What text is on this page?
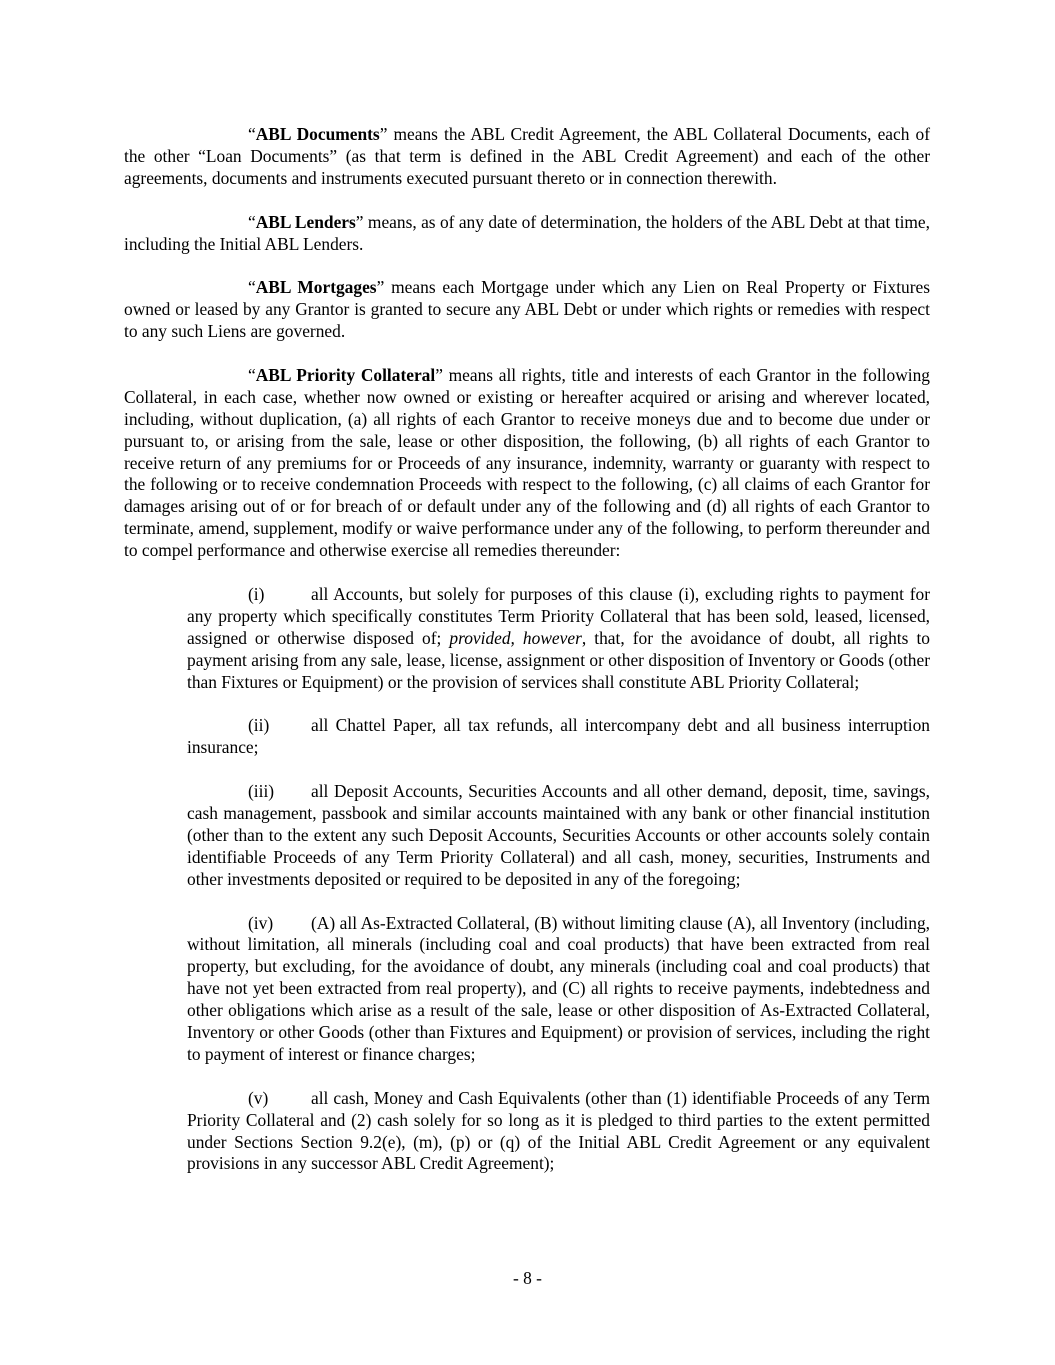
“ABL Documents” means the ABL Credit Agreement, the ABL Collateral Documents, each of the other “Loan Documents” (as that term is defined in the ABL Credit Agreement) and each of the other agreements, documents and instruments executed pursuant thereto or in connection therewith.

“ABL Lenders” means, as of any date of determination, the holders of the ABL Debt at that time, including the Initial ABL Lenders.

“ABL Mortgages” means each Mortgage under which any Lien on Real Property or Fixtures owned or leased by any Grantor is granted to secure any ABL Debt or under which rights or remedies with respect to any such Liens are governed.

“ABL Priority Collateral” means all rights, title and interests of each Grantor in the following Collateral, in each case, whether now owned or existing or hereafter acquired or arising and wherever located, including, without duplication, (a) all rights of each Grantor to receive moneys due and to become due under or pursuant to, or arising from the sale, lease or other disposition, the following, (b) all rights of each Grantor to receive return of any premiums for or Proceeds of any insurance, indemnity, warranty or guaranty with respect to the following or to receive condemnation Proceeds with respect to the following, (c) all claims of each Grantor for damages arising out of or for breach of or default under any of the following and (d) all rights of each Grantor to terminate, amend, supplement, modify or waive performance under any of the following, to perform thereunder and to compel performance and otherwise exercise all remedies thereunder:

(i)	all Accounts, but solely for purposes of this clause (i), excluding rights to payment for any property which specifically constitutes Term Priority Collateral that has been sold, leased, licensed, assigned or otherwise disposed of; provided, however, that, for the avoidance of doubt, all rights to payment arising from any sale, lease, license, assignment or other disposition of Inventory or Goods (other than Fixtures or Equipment) or the provision of services shall constitute ABL Priority Collateral;

(ii) all Chattel Paper, all tax refunds, all intercompany debt and all business interruption insurance;

(iii) all Deposit Accounts, Securities Accounts and all other demand, deposit, time, savings, cash management, passbook and similar accounts maintained with any bank or other financial institution (other than to the extent any such Deposit Accounts, Securities Accounts or other accounts solely contain identifiable Proceeds of any Term Priority Collateral) and all cash, money, securities, Instruments and other investments deposited or required to be deposited in any of the foregoing;

(iv) (A) all As-Extracted Collateral, (B) without limiting clause (A), all Inventory (including, without limitation, all minerals (including coal and coal products) that have been extracted from real property, but excluding, for the avoidance of doubt, any minerals (including coal and coal products) that have not yet been extracted from real property), and (C) all rights to receive payments, indebtedness and other obligations which arise as a result of the sale, lease or other disposition of As-Extracted Collateral, Inventory or other Goods (other than Fixtures and Equipment) or provision of services, including the right to payment of interest or finance charges;

(v) all cash, Money and Cash Equivalents (other than (1) identifiable Proceeds of any Term Priority Collateral and (2) cash solely for so long as it is pledged to third parties to the extent permitted under Sections Section 9.2(e), (m), (p) or (q) of the Initial ABL Credit Agreement or any equivalent provisions in any successor ABL Credit Agreement);

- 8 -
